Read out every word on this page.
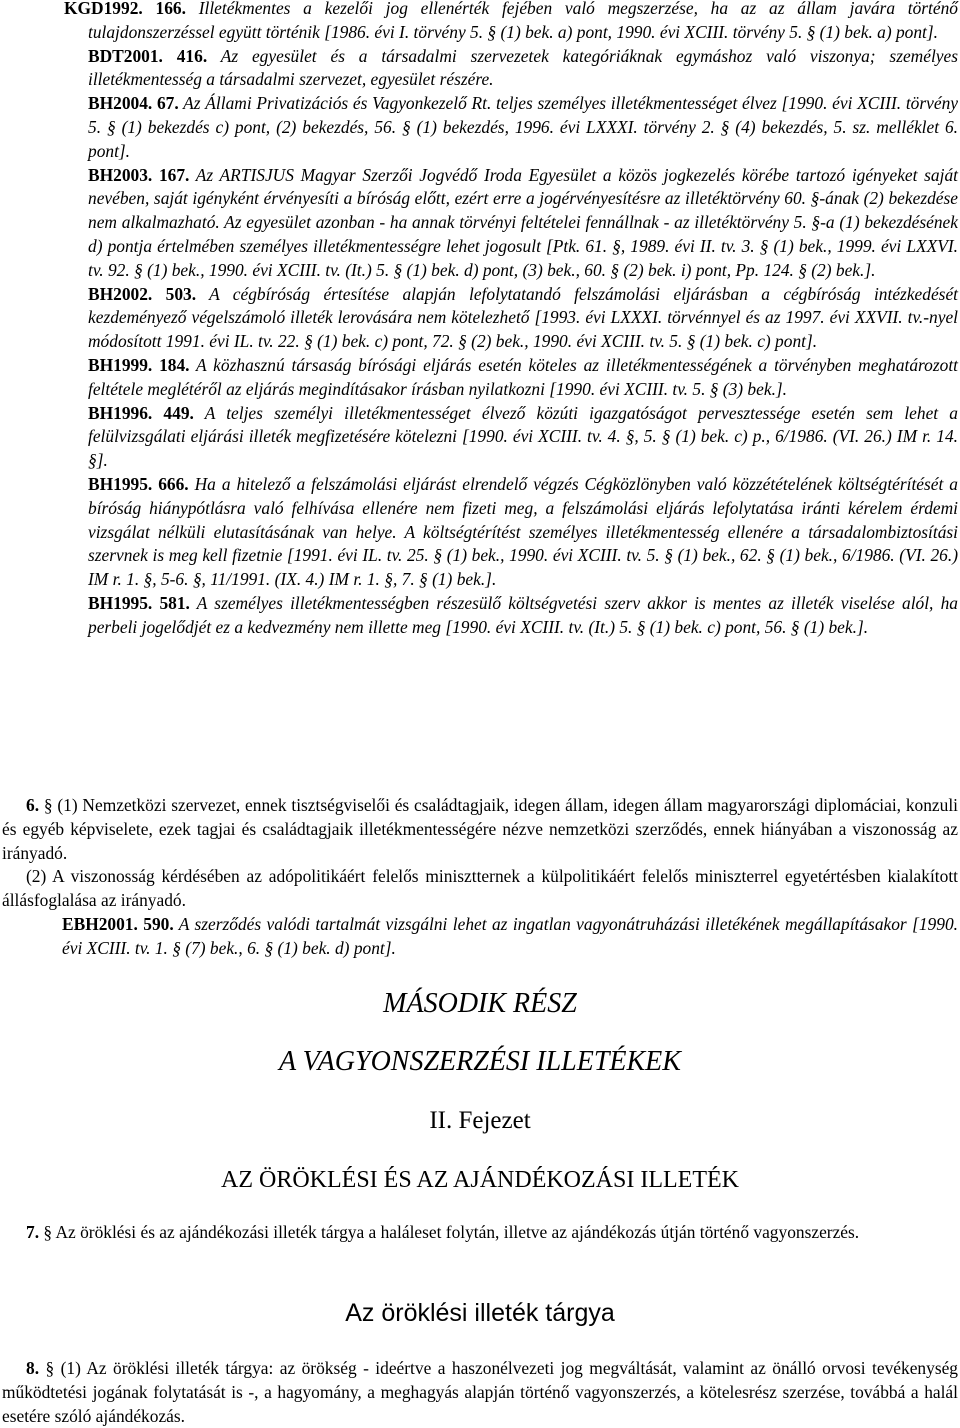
KGD1992. 166. Illetékmentes a kezelői jog ellenérték fejében való megszerzése, ha az az állam javára történő tulajdonszerzéssel együtt történik [1986. évi I. törvény 5. § (1) bek. a) pont, 1990. évi XCIII. törvény 5. § (1) bek. a) pont].

BDT2001. 416. Az egyesület és a társadalmi szervezetek kategóriáknak egymáshoz való viszonya; személyes illetékmentesség a társadalmi szervezet, egyesület részére.

BH2004. 67. Az Állami Privatizációs és Vagyonkezelő Rt. teljes személyes illetékmentességet élvez [1990. évi XCIII. törvény 5. § (1) bekezdés c) pont, (2) bekezdés, 56. § (1) bekezdés, 1996. évi LXXXI. törvény 2. § (4) bekezdés, 5. sz. melléklet 6. pont].

BH2003. 167. Az ARTISJUS Magyar Szerzői Jogvédő Iroda Egyesület a közös jogkezelés körébe tartozó igényeket saját nevében, saját igényként érvényesíti a bíróság előtt, ezért erre a jogérvényesítésre az illetéktörvény 60. §-ának (2) bekezdése nem alkalmazható. Az egyesület azonban - ha annak törvényi feltételei fennállnak - az illetéktörvény 5. §-a (1) bekezdésének d) pontja értelmében személyes illetékmentességre lehet jogosult [Ptk. 61. §, 1989. évi II. tv. 3. § (1) bek., 1999. évi LXXVI. tv. 92. § (1) bek., 1990. évi XCIII. tv. (It.) 5. § (1) bek. d) pont, (3) bek., 60. § (2) bek. i) pont, Pp. 124. § (2) bek.].

BH2002. 503. A cégbíróság értesítése alapján lefolytatandó felszámolási eljárásban a cégbíróság intézkedését kezdeményező végelszámoló illeték lerovására nem kötelezhető [1993. évi LXXXI. törvénnyel és az 1997. évi XXVII. tv.-nyel módosított 1991. évi IL. tv. 22. § (1) bek. c) pont, 72. § (2) bek., 1990. évi XCIII. tv. 5. § (1) bek. c) pont].

BH1999. 184. A közhasznú társaság bírósági eljárás esetén köteles az illetékmentességének a törvényben meghatározott feltétele meglétéről az eljárás megindításakor írásban nyilatkozni [1990. évi XCIII. tv. 5. § (3) bek.].

BH1996. 449. A teljes személyi illetékmentességet élvező közúti igazgatóságot pervesztessége esetén sem lehet a felülvizsgálati eljárási illeték megfizetésére kötelezni [1990. évi XCIII. tv. 4. §, 5. § (1) bek. c) p., 6/1986. (VI. 26.) IM r. 14. §].

BH1995. 666. Ha a hitelező a felszámolási eljárást elrendelő végzés Cégközlönyben való közzétételének költségtérítését a bíróság hiánypótlásra való felhívása ellenére nem fizeti meg, a felszámolási eljárás lefolytatása iránti kérelem érdemi vizsgálat nélküli elutasításának van helye. A költségtérítést személyes illetékmentesség ellenére a társadalombiztosítási szervnek is meg kell fizetnie [1991. évi IL. tv. 25. § (1) bek., 1990. évi XCIII. tv. 5. § (1) bek., 62. § (1) bek., 6/1986. (VI. 26.) IM r. 1. §, 5-6. §, 11/1991. (IX. 4.) IM r. 1. §, 7. § (1) bek.].

BH1995. 581. A személyes illetékmentességben részesülő költségvetési szerv akkor is mentes az illeték viselése alól, ha perbeli jogelődjét ez a kedvezmény nem illette meg [1990. évi XCIII. tv. (It.) 5. § (1) bek. c) pont, 56. § (1) bek.].

6. § (1) Nemzetközi szervezet, ennek tisztségviselői és családtagjaik, idegen állam, idegen állam magyarországi diplomáciai, konzuli és egyéb képviselete, ezek tagjai és családtagjaik illetékmentességére nézve nemzetközi szerződés, ennek hiányában a viszonosság az irányadó.

(2) A viszonosság kérdésében az adópolitikáért felelős minisztternek a külpolitikáért felelős miniszterrel egyetértésben kialakított állásfoglalása az irányadó.

EBH2001. 590. A szerződés valódi tartalmát vizsgálni lehet az ingatlan vagyonátruházási illetékének megállapításakor [1990. évi XCIII. tv. 1. § (7) bek., 6. § (1) bek. d) pont].

MÁSODIK RÉSZ

A VAGYONSZERZÉSI ILLETÉKEK

II. Fejezet

AZ ÖRÖKLÉSI ÉS AZ AJÁNDÉKOZÁSI ILLETÉK

7. § Az öröklési és az ajándékozási illeték tárgya a haláleset folytán, illetve az ajándékozás útján történő vagyonszerzés.

Az öröklési illeték tárgya

8. § (1) Az öröklési illeték tárgya: az örökség - ideértve a haszonélvezeti jog megváltását, valamint az önálló orvosi tevékenység működtetési jogának folytatását is -, a hagyomány, a meghagyás alapján történő vagyonszerzés, a kötelesrész szerzése, továbbá a halál esetére szóló ajándékozás.
